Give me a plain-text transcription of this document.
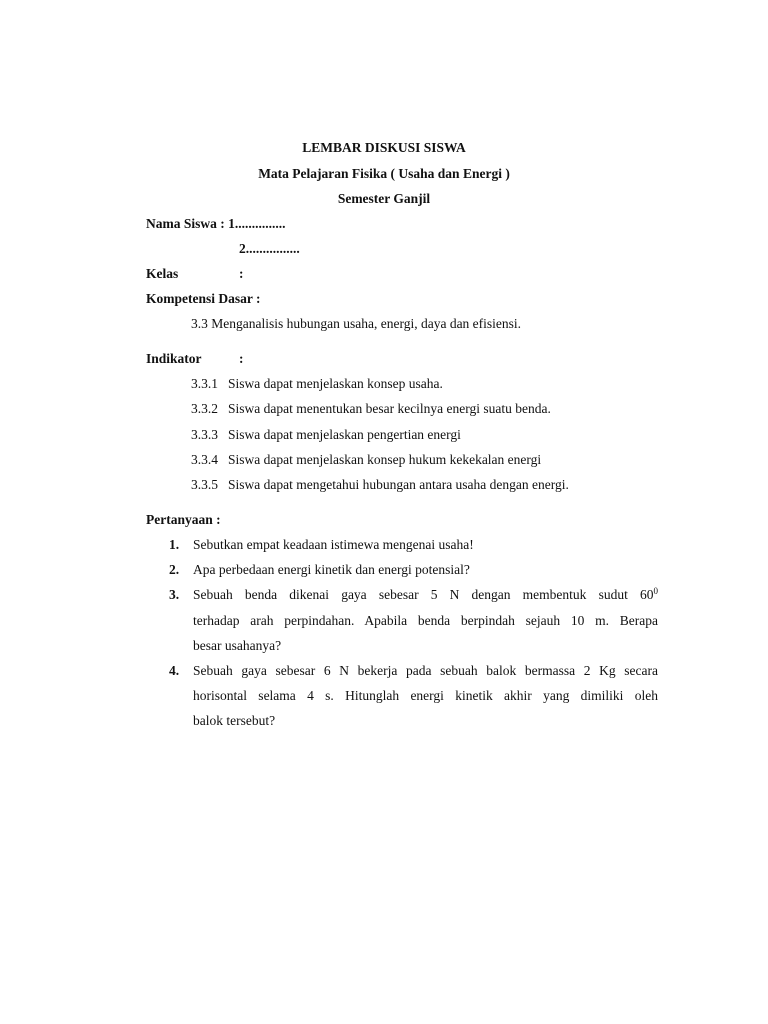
LEMBAR DISKUSI SISWA
Mata Pelajaran Fisika ( Usaha dan Energi )
Semester Ganjil
Nama Siswa : 1...............
2................
Kelas	:
Kompetensi Dasar :
3.3 Menganalisis hubungan usaha, energi, daya dan efisiensi.
Indikator	:
3.3.1 Siswa dapat menjelaskan konsep usaha.
3.3.2 Siswa dapat menentukan besar kecilnya energi suatu benda.
3.3.3 Siswa dapat menjelaskan pengertian energi
3.3.4 Siswa dapat menjelaskan konsep hukum kekekalan energi
3.3.5 Siswa dapat mengetahui hubungan antara usaha dengan energi.
Pertanyaan :
1. Sebutkan empat keadaan istimewa mengenai usaha!
2. Apa perbedaan energi kinetik dan energi potensial?
3. Sebuah benda dikenai gaya sebesar 5 N dengan membentuk sudut $60^0$
terhadap arah perpindahan. Apabila benda berpindah sejauh 10 m. Berapa
besar usahanya?
4. Sebuah gaya sebesar 6 N bekerja pada sebuah balok bermassa 2 Kg secara
horisontal selama 4 s. Hitunglah energi kinetik akhir yang dimiliki oleh
balok tersebut?
